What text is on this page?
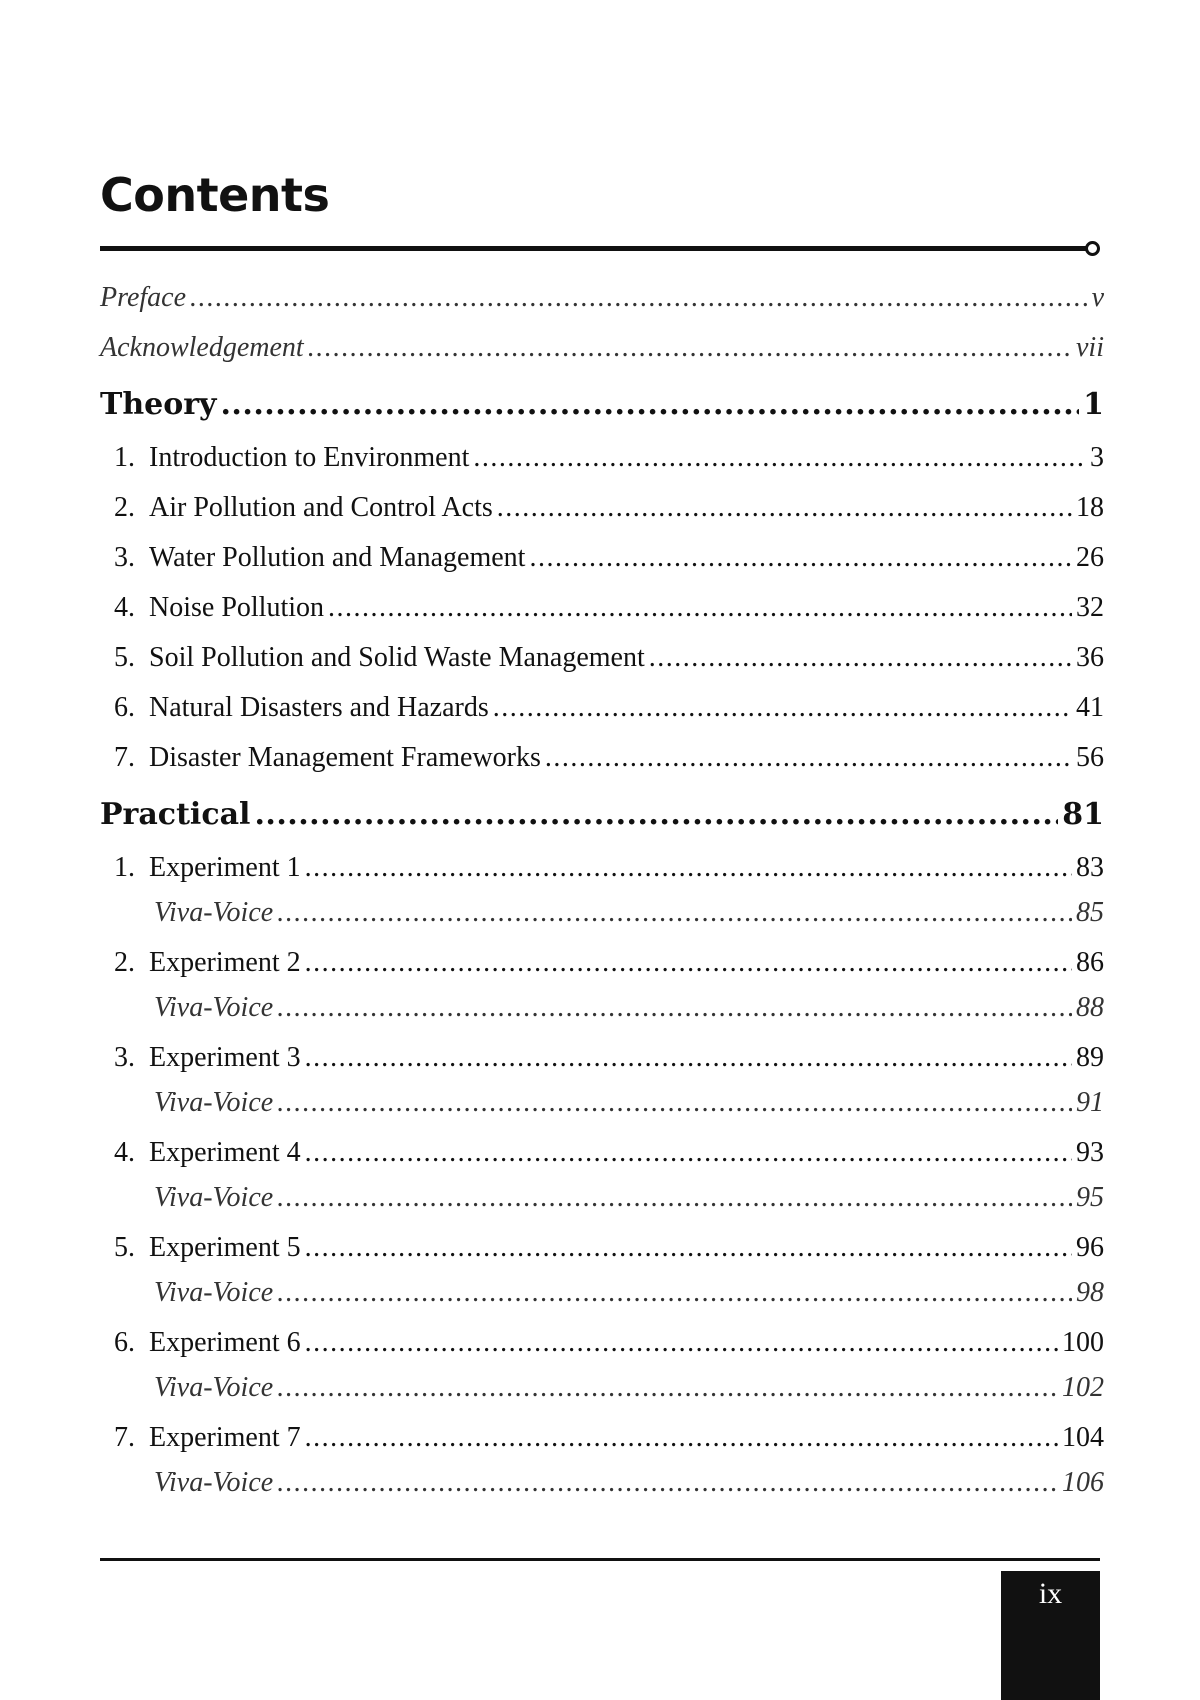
Contents
Preface .....	v
Acknowledgement .....	vii
Theory .....	1
1. Introduction to Environment .....	3
2. Air Pollution and Control Acts .....	18
3. Water Pollution and Management .....	26
4. Noise Pollution .....	32
5. Soil Pollution and Solid Waste Management .....	36
6. Natural Disasters and Hazards .....	41
7. Disaster Management Frameworks .....	56
Practical .....	81
1. Experiment 1 .....	83
Viva-Voice .....	85
2. Experiment 2 .....	86
Viva-Voice .....	88
3. Experiment 3 .....	89
Viva-Voice .....	91
4. Experiment 4 .....	93
Viva-Voice .....	95
5. Experiment 5 .....	96
Viva-Voice .....	98
6. Experiment 6 .....	100
Viva-Voice .....	102
7. Experiment 7 .....	104
Viva-Voice .....	106
ix
